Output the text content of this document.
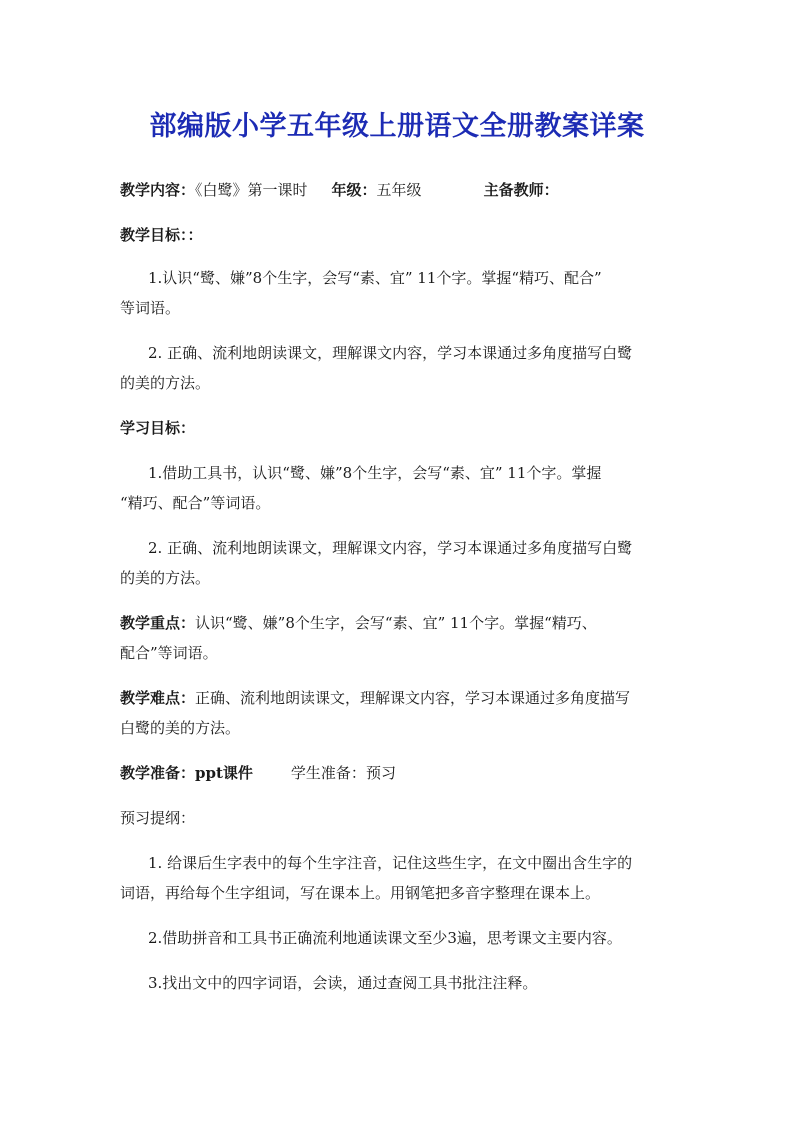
部编版小学五年级上册语文全册教案详案
教学内容：《白鹭》第一课时 年级：五年级	主备教师：
教学目标：：
1.认识“鹭、嫌”8个生字，会写“素、宜” 11个字。掌握“精巧、配合”
等词语。
2. 正确、流利地朗读课文，理解课文内容，学习本课通过多角度描写白鹭
的美的方法。
学习目标：
1.借助工具书，认识“鹭、嫌”8个生字，会写“素、宜” 11个字。掌握
“精巧、配合”等词语。
2. 正确、流利地朗读课文，理解课文内容，学习本课通过多角度描写白鹭
的美的方法。
教学重点：认识“鹭、嫌”8个生字，会写“素、宜” 11个字。掌握“精巧、
配合”等词语。
教学难点：正确、流利地朗读课文，理解课文内容，学习本课通过多角度描写
白鹭的美的方法。
教学准备：ppt课件	学生准备：预习
预习提纲：
1. 给课后生字表中的每个生字注音，记住这些生字，在文中圈出含生字的
词语，再给每个生字组词，写在课本上。用钢笔把多音字整理在课本上。
2.借助拼音和工具书正确流利地通读课文至少3遍，思考课文主要内容。
3.找出文中的四字词语，会读，通过查阅工具书批注注释。
